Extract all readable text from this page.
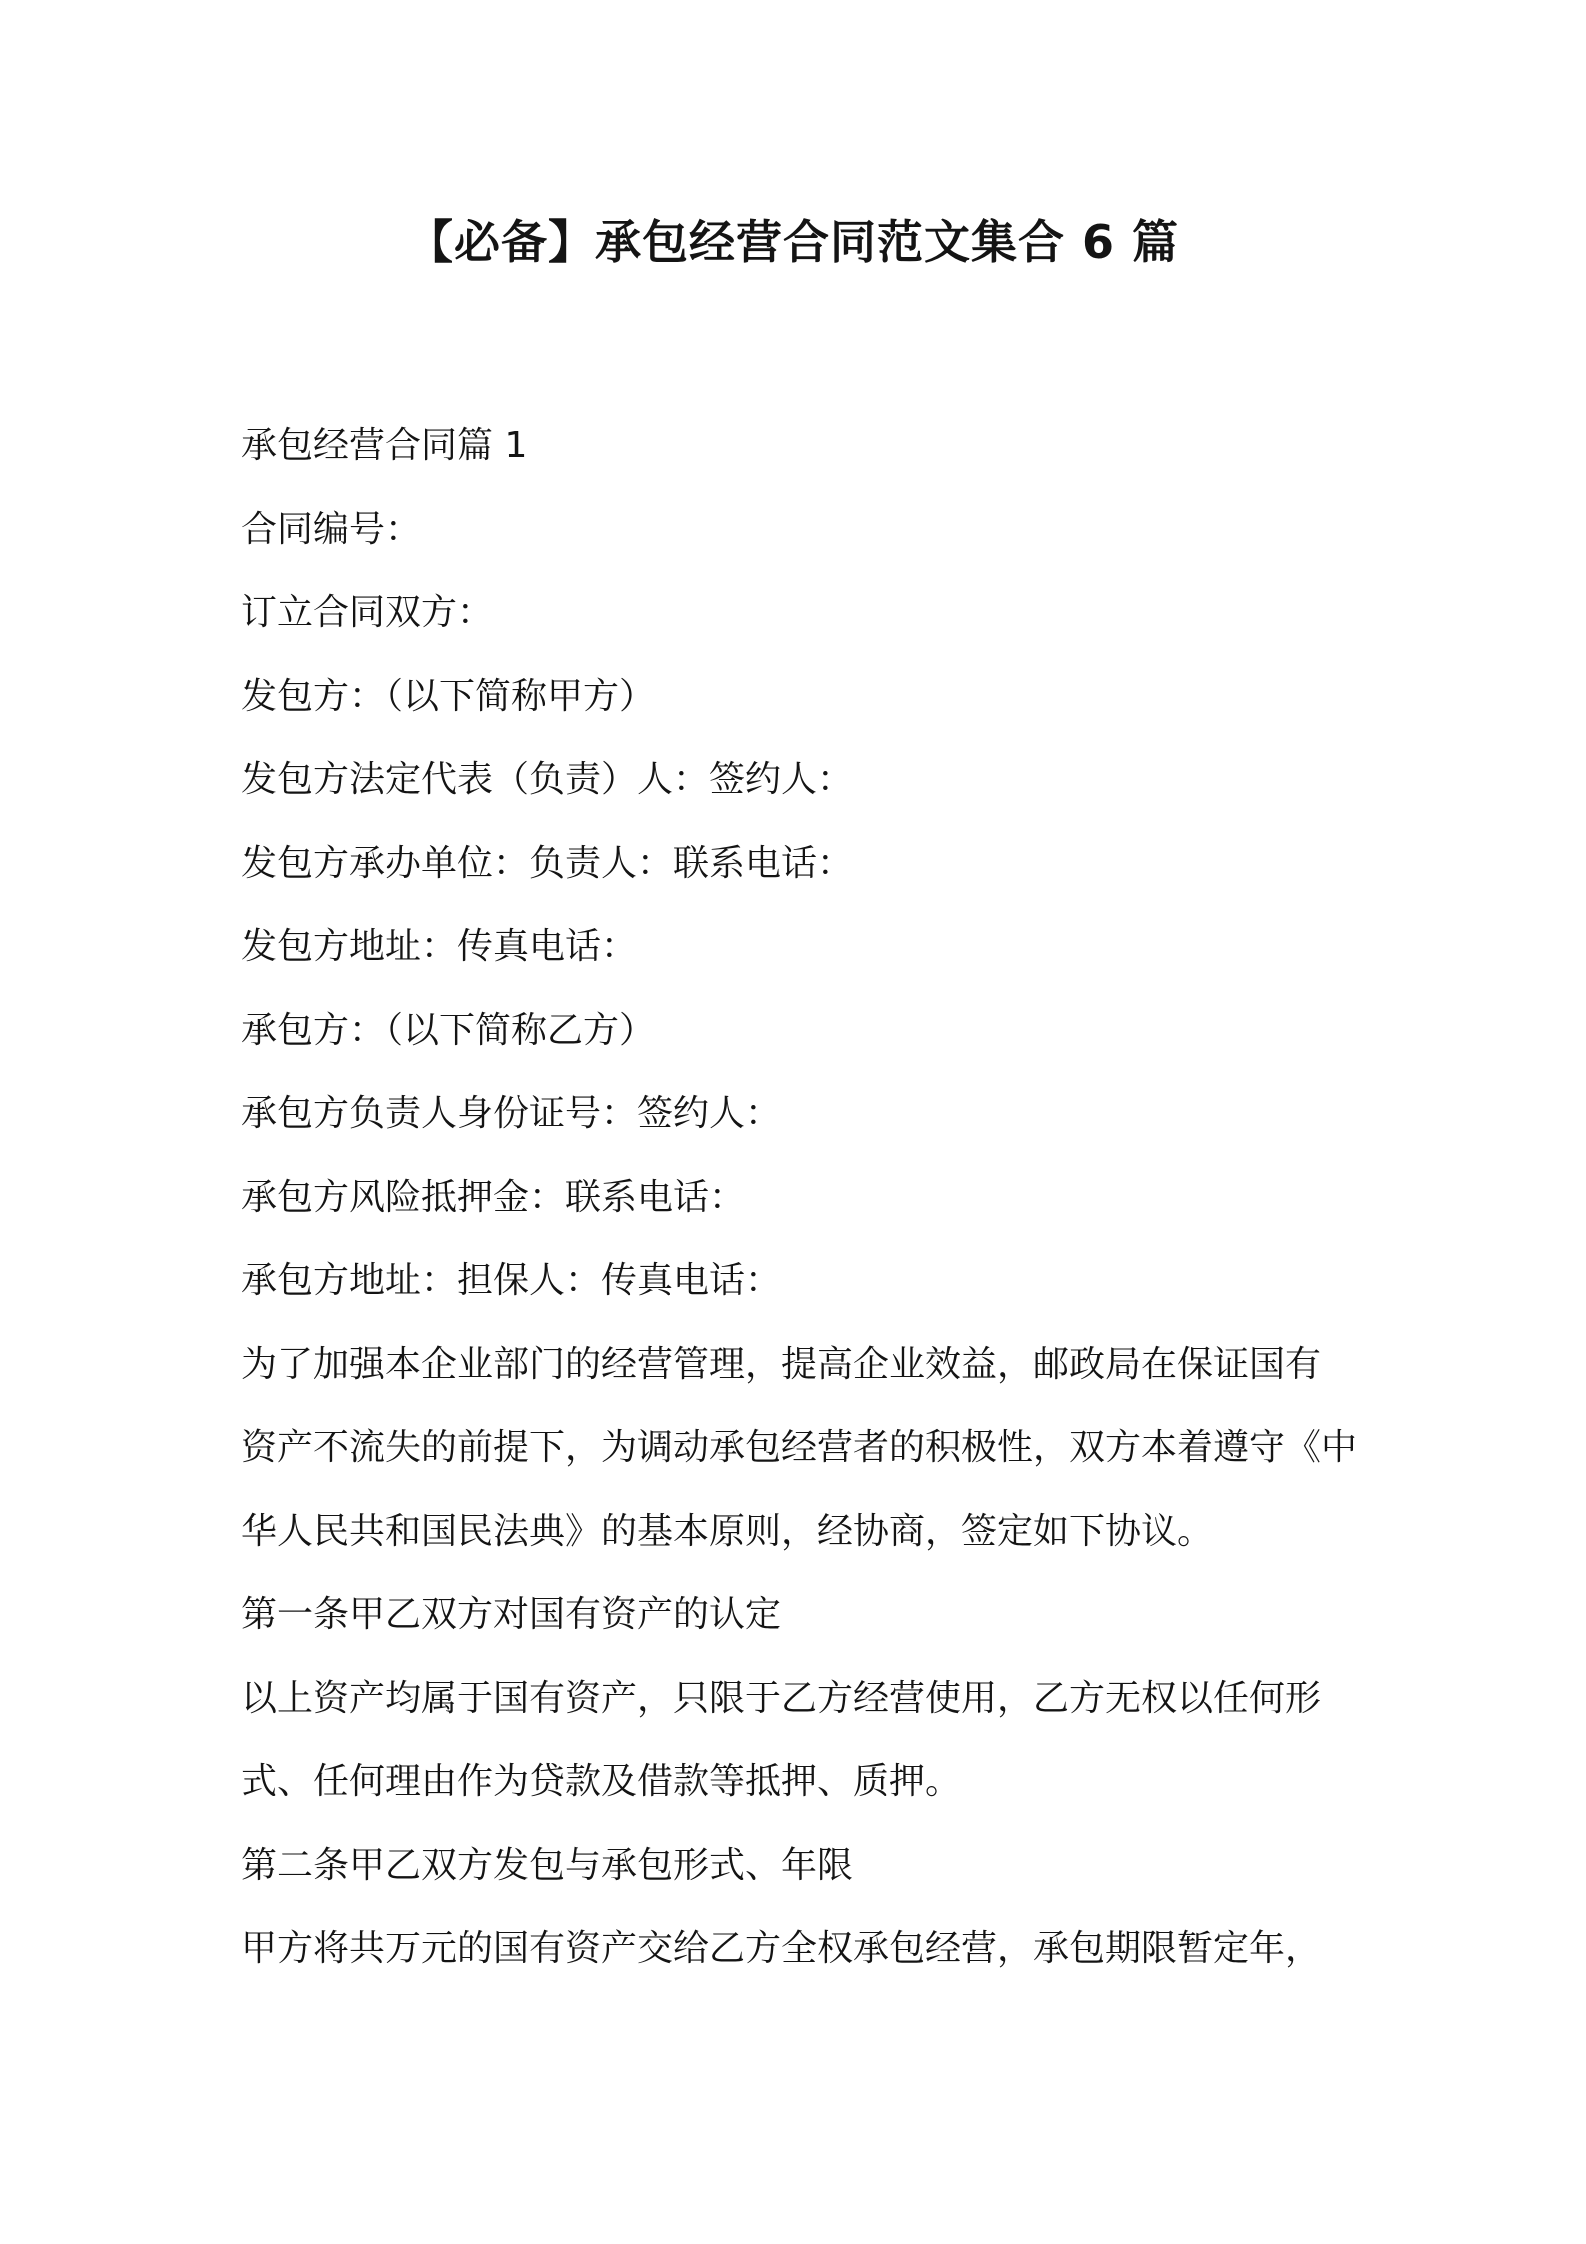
【必备】承包经营合同范文集合 6 篇
承包经营合同篇 1
合同编号：
订立合同双方：
发包方：（以下简称甲方）
发包方法定代表（负责）人：签约人：
发包方承办单位：负责人：联系电话：
发包方地址：传真电话：
承包方：（以下简称乙方）
承包方负责人身份证号：签约人：
承包方风险抵押金：联系电话：
承包方地址：担保人：传真电话：
为了加强本企业部门的经营管理，提高企业效益，邮政局在保证国有
资产不流失的前提下，为调动承包经营者的积极性，双方本着遵守《中
华人民共和国民法典》的基本原则，经协商，签定如下协议。
第一条甲乙双方对国有资产的认定
以上资产均属于国有资产，只限于乙方经营使用，乙方无权以任何形
式、任何理由作为贷款及借款等抵押、质押。
第二条甲乙双方发包与承包形式、年限
甲方将共万元的国有资产交给乙方全权承包经营，承包期限暂定年，
